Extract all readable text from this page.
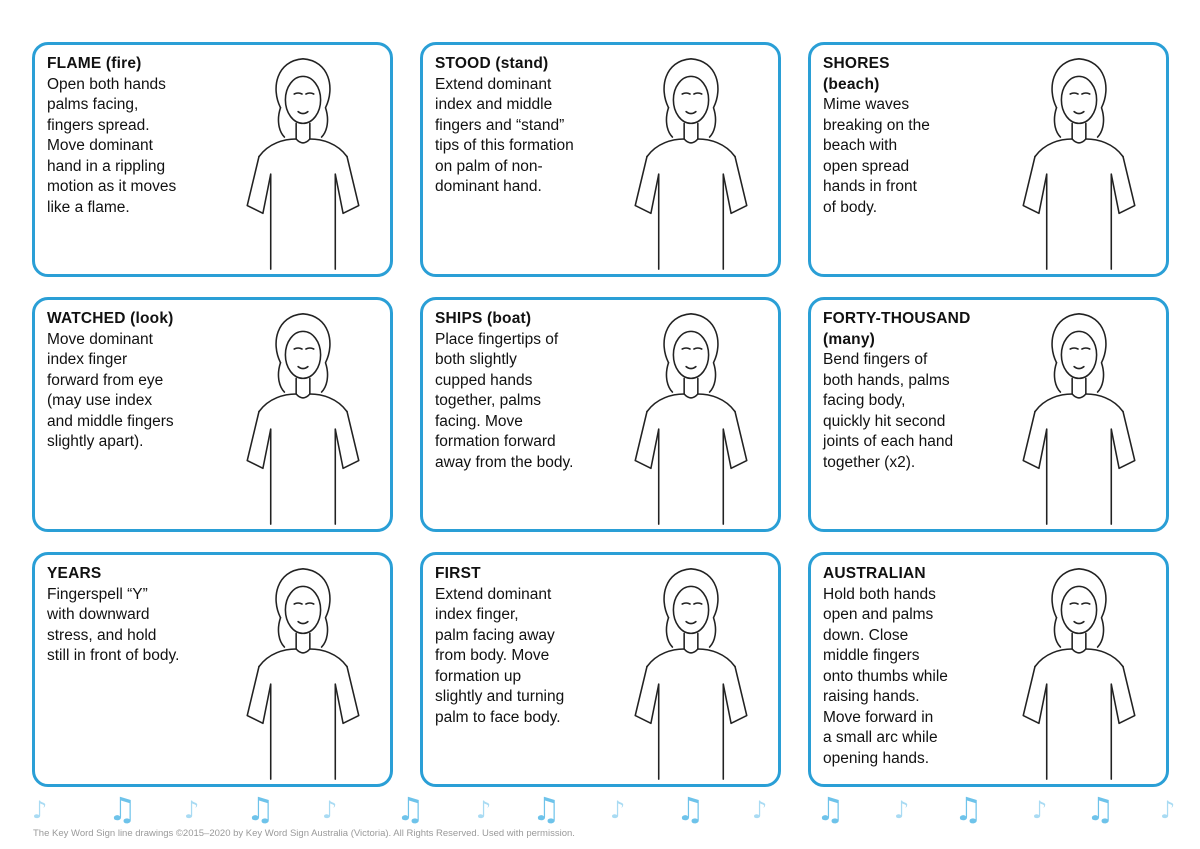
FLAME (fire)
Open both hands
palms facing,
fingers spread.
Move dominant
hand in a rippling
motion as it moves
like a flame.
STOOD (stand)
Extend dominant
index and middle
fingers and “stand”
tips of this formation
on palm of non-
dominant hand.
SHORES
(beach)
Mime waves
breaking on the
beach with
open spread
hands in front
of body.
WATCHED (look)
Move dominant
index finger
forward from eye
(may use index
and middle fingers
slightly apart).
SHIPS (boat)
Place fingertips of
both slightly
cupped hands
together, palms
facing. Move
formation forward
away from the body.
FORTY-THOUSAND
(many)
Bend fingers of
both hands, palms
facing body,
quickly hit second
joints of each hand
together (x2).
YEARS
Fingerspell “Y”
with downward
stress, and hold
still in front of body.
FIRST
Extend dominant
index finger,
palm facing away
from body. Move
formation up
slightly and turning
palm to face body.
AUSTRALIAN
Hold both hands
open and palms
down. Close
middle fingers
onto thumbs while
raising hands.
Move forward in
a small arc while
opening hands.
♪ ♫ ♪ ♫ ♪ ♫ ♪ ♫ ♪ ♫ ♪ ♫ ♪ ♫ ♪ ♫ ♪
The Key Word Sign line drawings ©2015–2020 by Key Word Sign Australia (Victoria). All Rights Reserved. Used with permission.
